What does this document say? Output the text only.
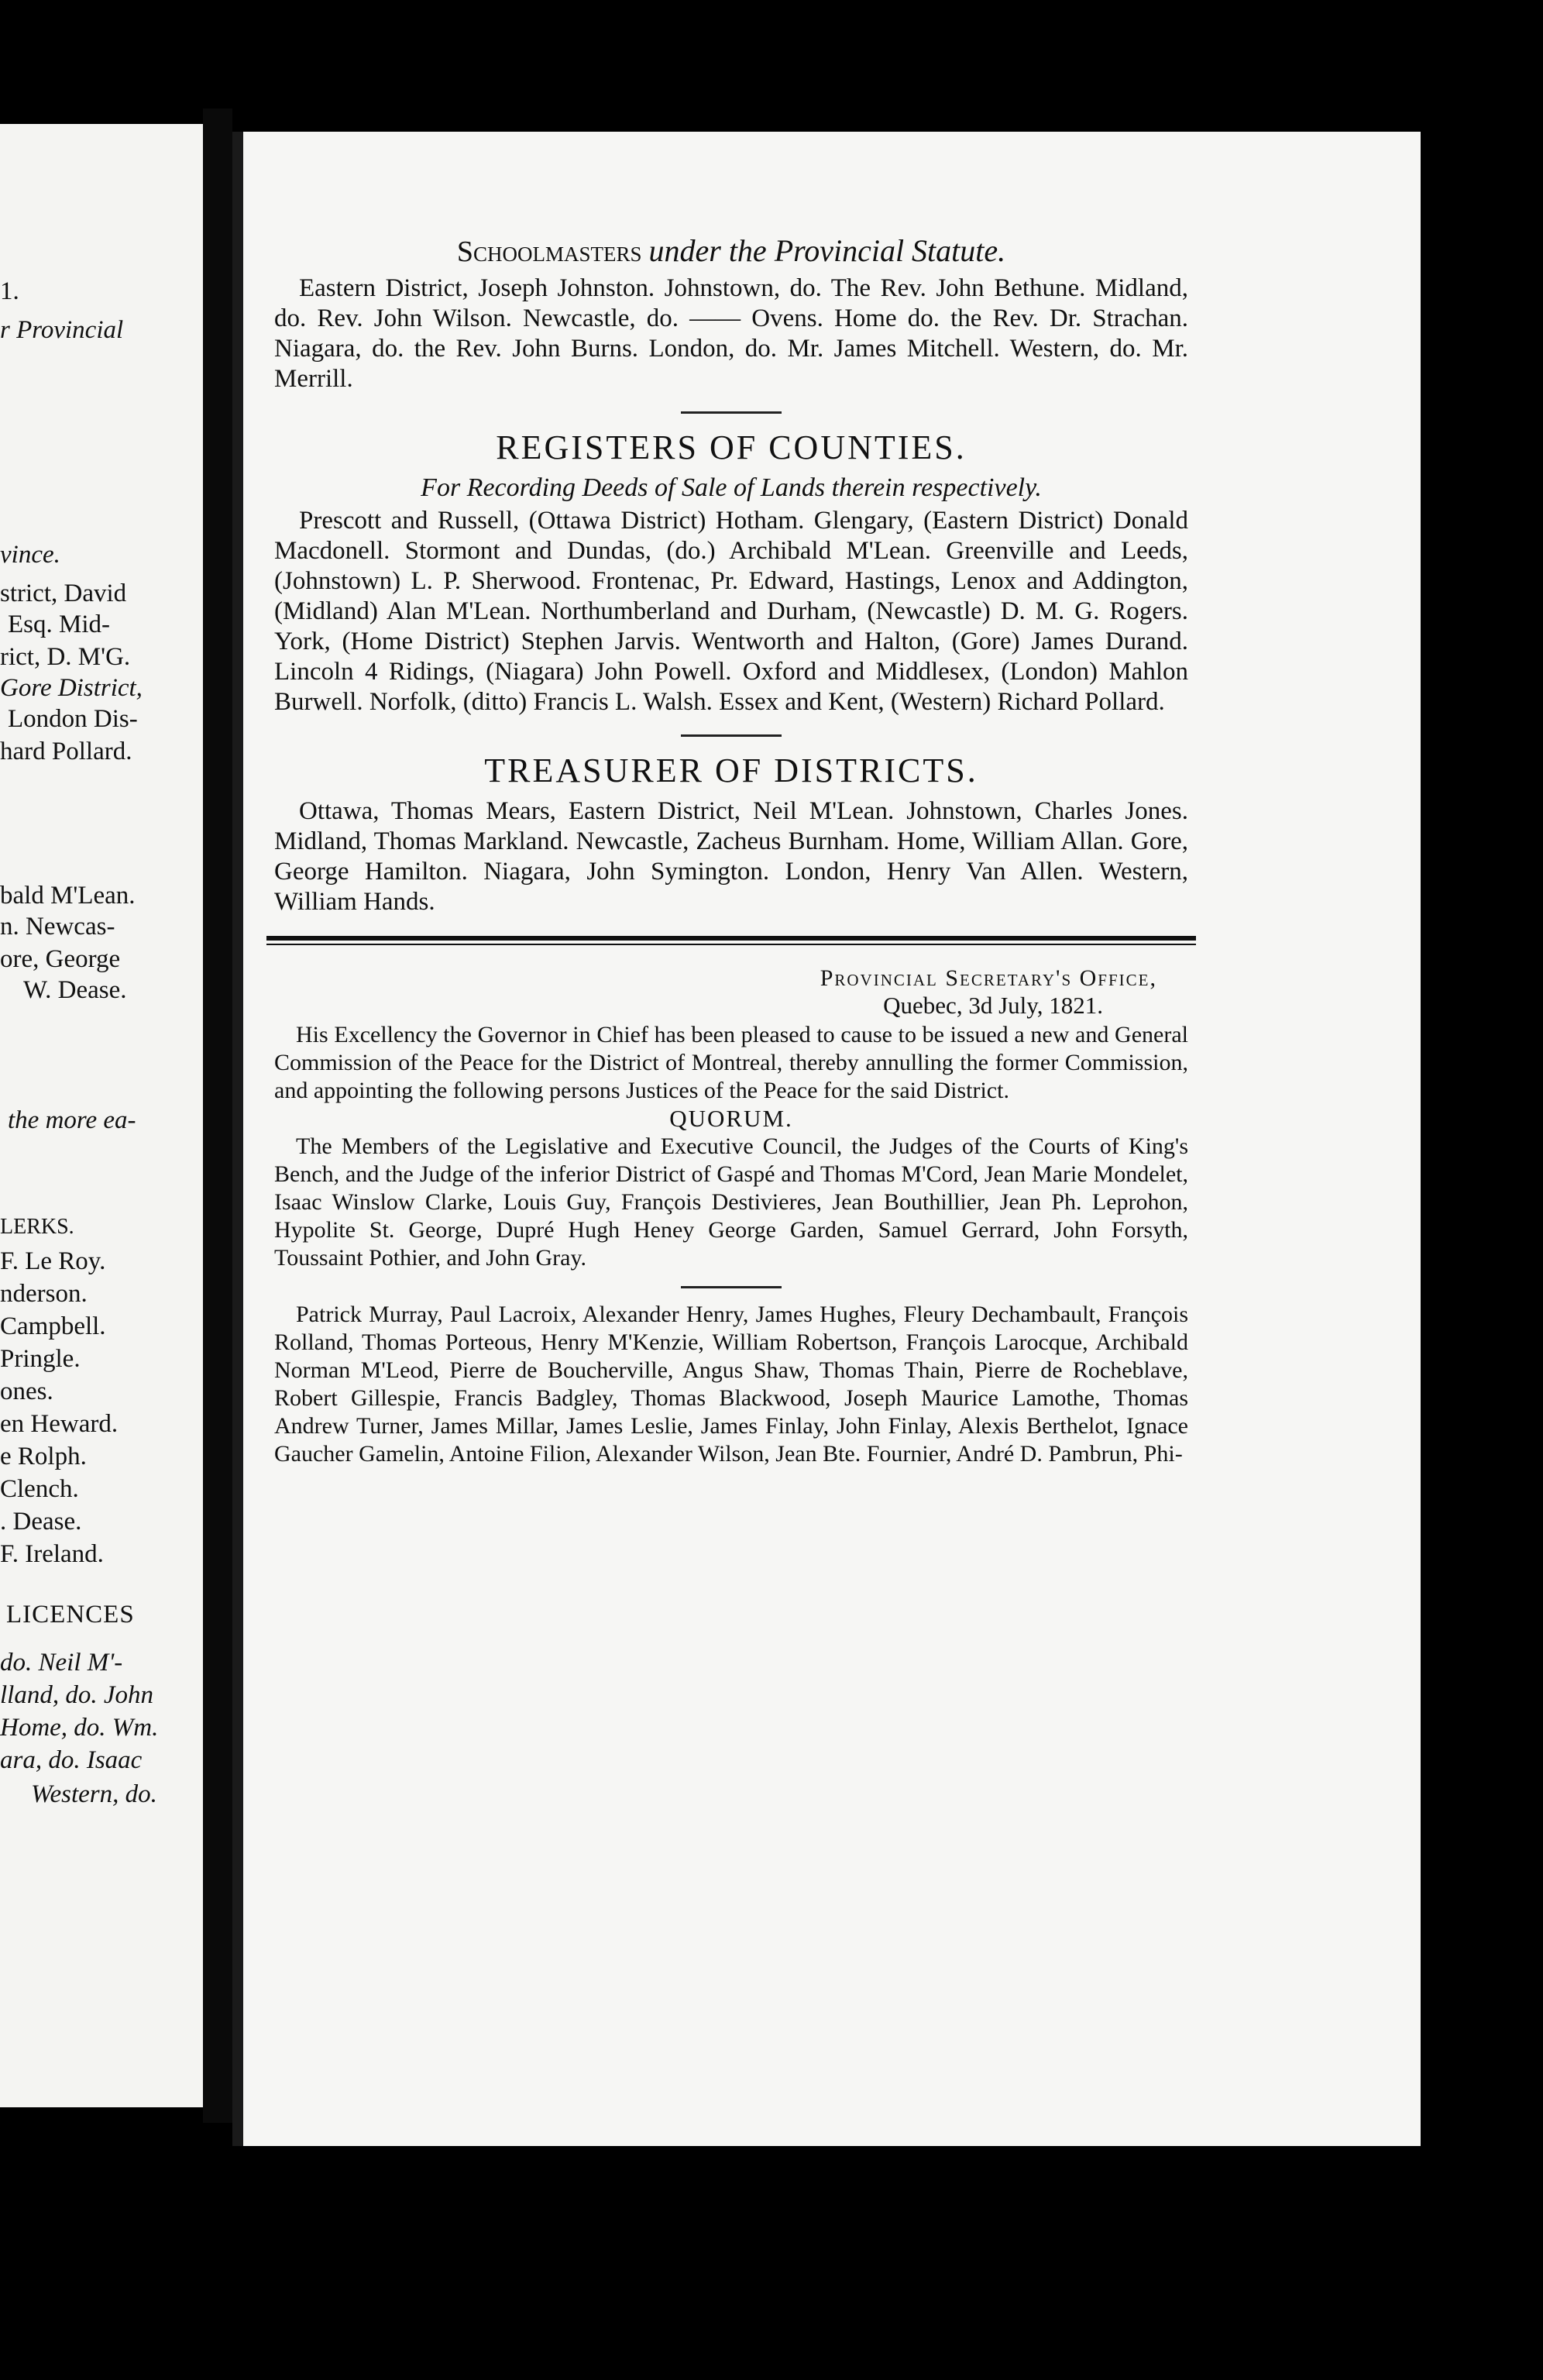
1.
r Provincial
vince.
strict, David
Esq. Mid-
rict, D. M'G.
Gore District,
London Dis-
hard Pollard.
bald M'Lean.
n. Newcas-
ore, George
W. Dease.
the more ea-
LERKS.
F. Le Roy.
nderson.
Campbell.
Pringle.
ones.
en Heward.
e Rolph.
Clench.
. Dease.
F. Ireland.
LICENCES
do. Neil M'-
lland, do. John
Home, do. Wm.
ara, do. Isaac
Western, do.
Schoolmasters under the Provincial Statute.

Eastern District, Joseph Johnston. Johnstown, do. The Rev. John Bethune. Midland, do. Rev. John Wilson. Newcastle, do. —— Ovens. Home do. the Rev. Dr. Strachan. Niagara, do. the Rev. John Burns. London, do. Mr. James Mitchell. Western, do. Mr. Merrill.

REGISTERS OF COUNTIES.
For Recording Deeds of Sale of Lands therein respectively.

Prescott and Russell, (Ottawa District) Hotham. Glengary, (Eastern District) Donald Macdonell. Stormont and Dundas, (do.) Archibald M'Lean. Greenville and Leeds, (Johnstown) L. P. Sherwood. Frontenac, Pr. Edward, Hastings, Lenox and Addington, (Midland) Alan M'Lean. Northumberland and Durham, (Newcastle) D. M. G. Rogers. York, (Home District) Stephen Jarvis. Wentworth and Halton, (Gore) James Durand. Lincoln 4 Ridings, (Niagara) John Powell. Oxford and Middlesex, (London) Mahlon Burwell. Norfolk, (ditto) Francis L. Walsh. Essex and Kent, (Western) Richard Pollard.

TREASURER OF DISTRICTS.

Ottawa, Thomas Mears, Eastern District, Neil M'Lean. Johnstown, Charles Jones. Midland, Thomas Markland. Newcastle, Zacheus Burnham. Home, William Allan. Gore, George Hamilton. Niagara, John Symington. London, Henry Van Allen. Western, William Hands.

Provincial Secretary's Office,
Quebec, 3d July, 1821.

His Excellency the Governor in Chief has been pleased to cause to be issued a new and General Commission of the Peace for the District of Montreal, thereby annulling the former Commission, and appointing the following persons Justices of the Peace for the said District.

QUORUM.

The Members of the Legislative and Executive Council, the Judges of the Courts of King's Bench, and the Judge of the inferior District of Gaspé and Thomas M'Cord, Jean Marie Mondelet, Isaac Winslow Clarke, Louis Guy, François Destivieres, Jean Bouthillier, Jean Ph. Leprohon, Hypolite St. George, Dupré Hugh Heney George Garden, Samuel Gerrard, John Forsyth, Toussaint Pothier, and John Gray.

Patrick Murray, Paul Lacroix, Alexander Henry, James Hughes, Fleury Dechambault, François Rolland, Thomas Porteous, Henry M'Kenzie, William Robertson, François Larocque, Archibald Norman M'Leod, Pierre de Boucherville, Angus Shaw, Thomas Thain, Pierre de Rocheblave, Robert Gillespie, Francis Badgley, Thomas Blackwood, Joseph Maurice Lamothe, Thomas Andrew Turner, James Millar, James Leslie, James Finlay, John Finlay, Alexis Berthelot, Ignace Gaucher Gamelin, Antoine Filion, Alexander Wilson, Jean Bte. Fournier, André D. Pambrun, Phi-
